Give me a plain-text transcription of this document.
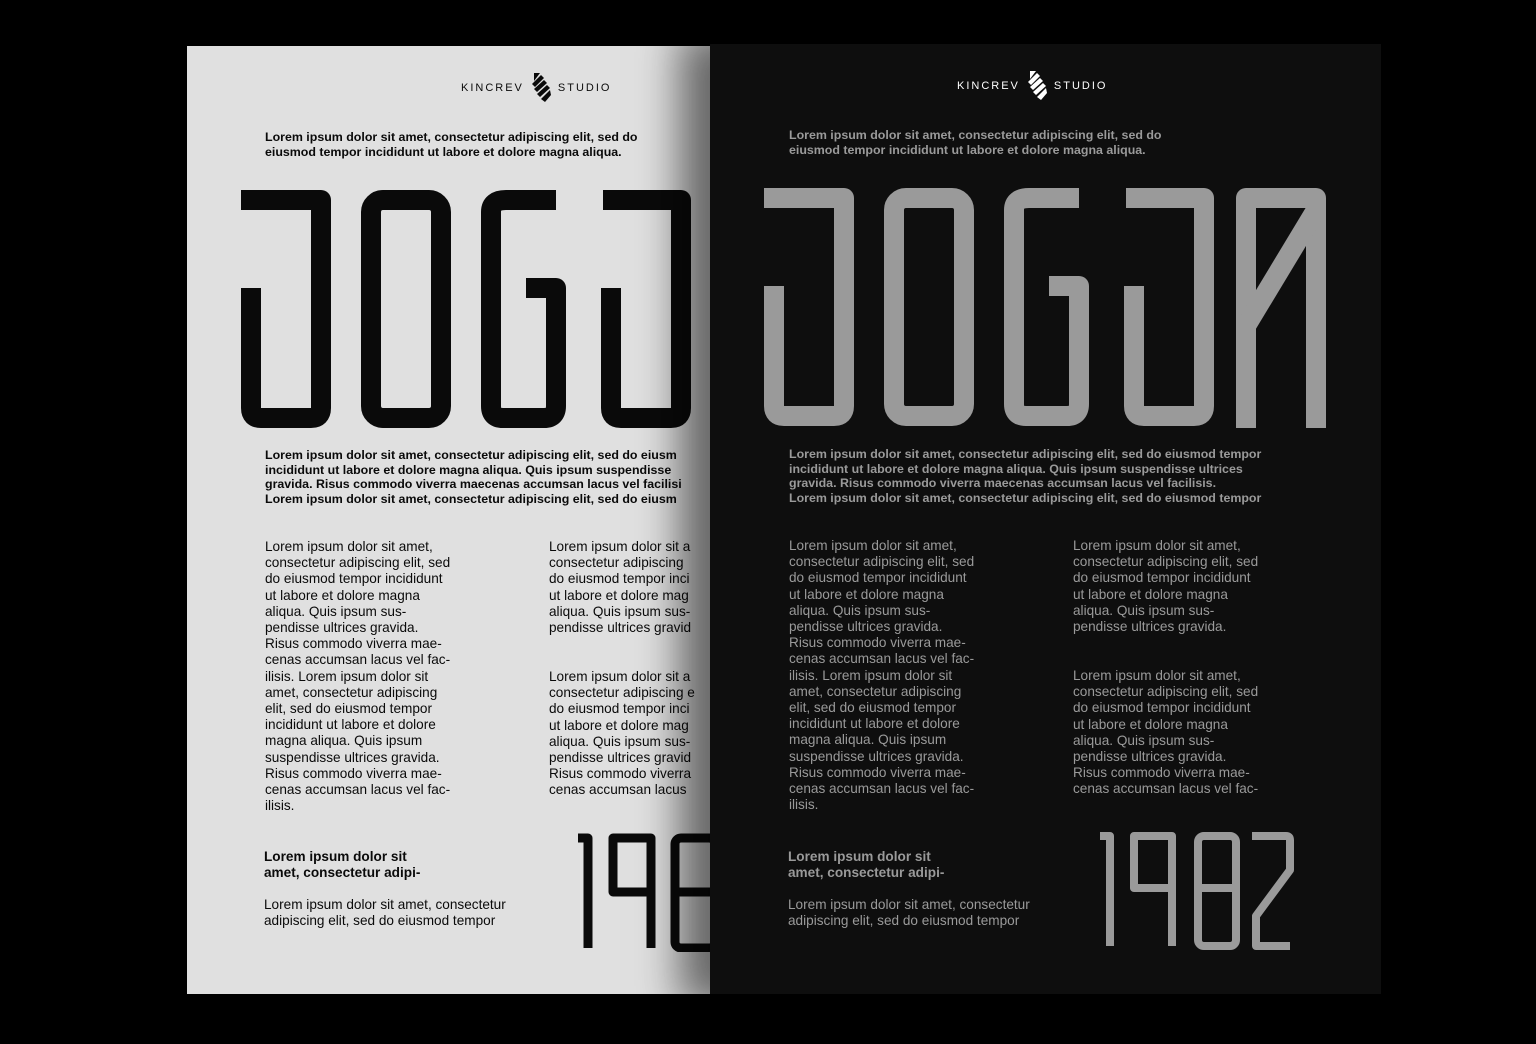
KINCREV	STUDIO
Lorem ipsum dolor sit amet, consectetur adipiscing elit, sed do
eiusmod tempor incididunt ut labore et dolore magna aliqua.
JOGJA
Lorem ipsum dolor sit amet, consectetur adipiscing elit, sed do eiusm
incididunt ut labore et dolore magna aliqua. Quis ipsum suspendisse
gravida. Risus commodo viverra maecenas accumsan lacus vel facilisi
Lorem ipsum dolor sit amet, consectetur adipiscing elit, sed do eiusm
Lorem ipsum dolor sit amet,
consectetur adipiscing elit, sed
do eiusmod tempor incididunt
ut labore et dolore magna
aliqua. Quis ipsum sus-
pendisse ultrices gravida.
Risus commodo viverra mae-
cenas accumsan lacus vel fac-
ilisis. Lorem ipsum dolor sit
amet, consectetur adipiscing
elit, sed do eiusmod tempor
incididunt ut labore et dolore
magna aliqua. Quis ipsum
suspendisse ultrices gravida.
Risus commodo viverra mae-
cenas accumsan lacus vel fac-
ilisis.
Lorem ipsum dolor sit a
consectetur adipiscing
do eiusmod tempor inci
ut labore et dolore mag
aliqua. Quis ipsum sus-
pendisse ultrices gravid
Lorem ipsum dolor sit a
consectetur adipiscing e
do eiusmod tempor inci
ut labore et dolore mag
aliqua. Quis ipsum sus-
pendisse ultrices gravid
Risus commodo viverra
cenas accumsan lacus
Lorem ipsum dolor sit
amet, consectetur adipi-
Lorem ipsum dolor sit amet, consectetur
adipiscing elit, sed do eiusmod tempor
198
KINCREV	STUDIO
Lorem ipsum dolor sit amet, consectetur adipiscing elit, sed do
eiusmod tempor incididunt ut labore et dolore magna aliqua.
JOGJA
Lorem ipsum dolor sit amet, consectetur adipiscing elit, sed do eiusmod tempor
incididunt ut labore et dolore magna aliqua. Quis ipsum suspendisse ultrices
gravida. Risus commodo viverra maecenas accumsan lacus vel facilisis.
Lorem ipsum dolor sit amet, consectetur adipiscing elit, sed do eiusmod tempor
Lorem ipsum dolor sit amet,
consectetur adipiscing elit, sed
do eiusmod tempor incididunt
ut labore et dolore magna
aliqua. Quis ipsum sus-
pendisse ultrices gravida.
Risus commodo viverra mae-
cenas accumsan lacus vel fac-
ilisis. Lorem ipsum dolor sit
amet, consectetur adipiscing
elit, sed do eiusmod tempor
incididunt ut labore et dolore
magna aliqua. Quis ipsum
suspendisse ultrices gravida.
Risus commodo viverra mae-
cenas accumsan lacus vel fac-
ilisis.
Lorem ipsum dolor sit amet,
consectetur adipiscing elit, sed
do eiusmod tempor incididunt
ut labore et dolore magna
aliqua. Quis ipsum sus-
pendisse ultrices gravida.
Lorem ipsum dolor sit amet,
consectetur adipiscing elit, sed
do eiusmod tempor incididunt
ut labore et dolore magna
aliqua. Quis ipsum sus-
pendisse ultrices gravida.
Risus commodo viverra mae-
cenas accumsan lacus vel fac-
Lorem ipsum dolor sit
amet, consectetur adipi-
Lorem ipsum dolor sit amet, consectetur
adipiscing elit, sed do eiusmod tempor
1982
